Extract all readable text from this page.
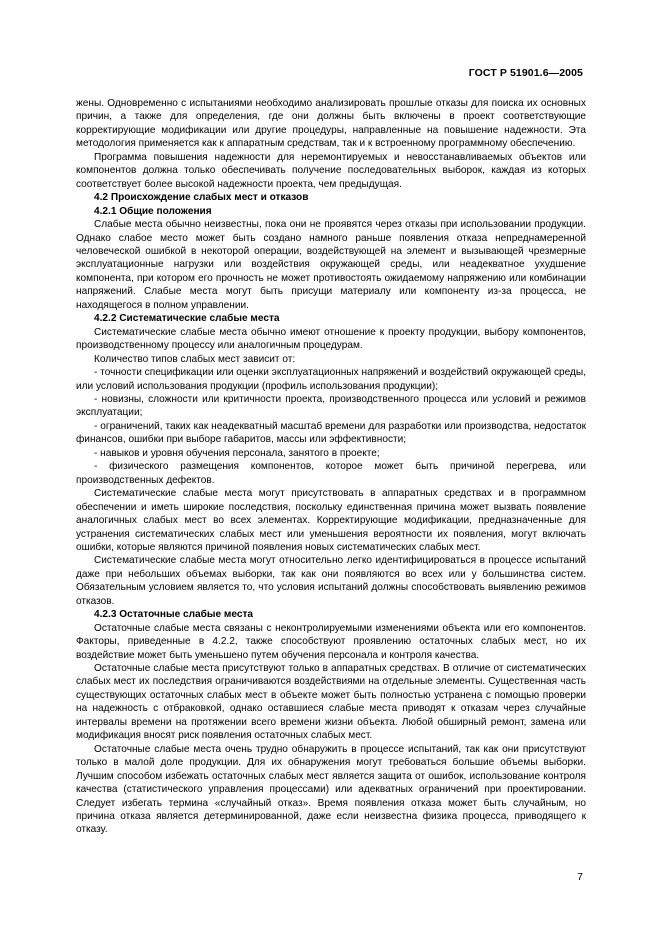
ГОСТ Р 51901.6—2005

жены. Одновременно с испытаниями необходимо анализировать прошлые отказы для поиска их основных причин, а также для определения, где они должны быть включены в проект соответствующие корректирующие модификации или другие процедуры, направленные на повышение надежности. Эта методология применяется как к аппаратным средствам, так и к встроенному программному обеспечению.

Программа повышения надежности для неремонтируемых и невосстанавливаемых объектов или компонентов должна только обеспечивать получение последовательных выборок, каждая из которых соответствует более высокой надежности проекта, чем предыдущая.

4.2 Происхождение слабых мест и отказов

4.2.1 Общие положения

Слабые места обычно неизвестны, пока они не проявятся через отказы при использовании продукции. Однако слабое место может быть создано намного раньше появления отказа непреднамеренной человеческой ошибкой в некоторой операции, воздействующей на элемент и вызывающей чрезмерные эксплуатационные нагрузки или воздействия окружающей среды, или неадекватное ухудшение компонента, при котором его прочность не может противостоять ожидаемому напряжению или комбинации напряжений. Слабые места могут быть присущи материалу или компоненту из-за процесса, не находящегося в полном управлении.

4.2.2 Систематические слабые места

Систематические слабые места обычно имеют отношение к проекту продукции, выбору компонентов, производственному процессу или аналогичным процедурам.

Количество типов слабых мест зависит от:

- точности спецификации или оценки эксплуатационных напряжений и воздействий окружающей среды, или условий использования продукции (профиль использования продукции);

- новизны, сложности или критичности проекта, производственного процесса или условий и режимов эксплуатации;

- ограничений, таких как неадекватный масштаб времени для разработки или производства, недостаток финансов, ошибки при выборе габаритов, массы или эффективности;

- навыков и уровня обучения персонала, занятого в проекте;

- физического размещения компонентов, которое может быть причиной перегрева, или производственных дефектов.

Систематические слабые места могут присутствовать в аппаратных средствах и в программном обеспечении и иметь широкие последствия, поскольку единственная причина может вызвать появление аналогичных слабых мест во всех элементах. Корректирующие модификации, предназначенные для устранения систематических слабых мест или уменьшения вероятности их появления, могут включать ошибки, которые являются причиной появления новых систематических слабых мест.

Систематические слабые места могут относительно легко идентифицироваться в процессе испытаний даже при небольших объемах выборки, так как они появляются во всех или у большинства систем. Обязательным условием является то, что условия испытаний должны способствовать выявлению режимов отказов.

4.2.3 Остаточные слабые места

Остаточные слабые места связаны с неконтролируемыми изменениями объекта или его компонентов. Факторы, приведенные в 4.2.2, также способствуют проявлению остаточных слабых мест, но их воздействие может быть уменьшено путем обучения персонала и контроля качества.

Остаточные слабые места присутствуют только в аппаратных средствах. В отличие от систематических слабых мест их последствия ограничиваются воздействиями на отдельные элементы. Существенная часть существующих остаточных слабых мест в объекте может быть полностью устранена с помощью проверки на надежность с отбраковкой, однако оставшиеся слабые места приводят к отказам через случайные интервалы времени на протяжении всего времени жизни объекта. Любой обширный ремонт, замена или модификация вносят риск появления остаточных слабых мест.

Остаточные слабые места очень трудно обнаружить в процессе испытаний, так как они присутствуют только в малой доле продукции. Для их обнаружения могут требоваться большие объемы выборки. Лучшим способом избежать остаточных слабых мест является защита от ошибок, использование контроля качества (статистического управления процессами) или адекватных ограничений при проектировании. Следует избегать термина «случайный отказ». Время появления отказа может быть случайным, но причина отказа является детерминированной, даже если неизвестна физика процесса, приводящего к отказу.

7
